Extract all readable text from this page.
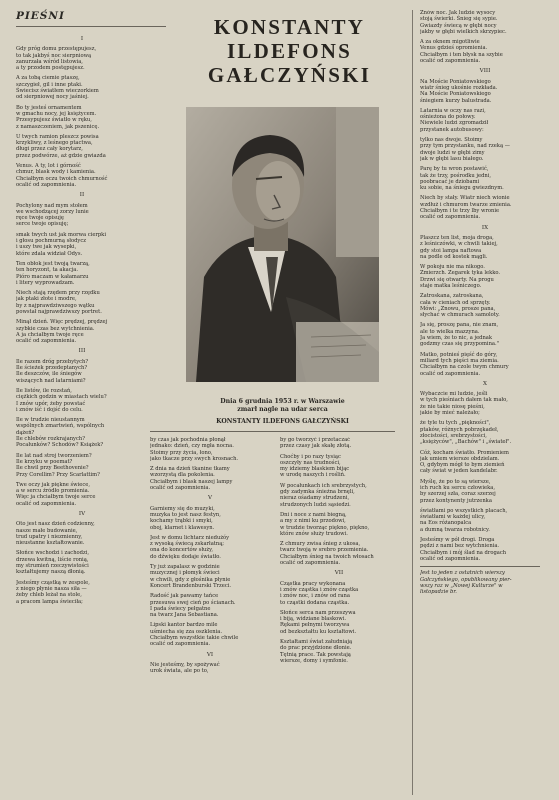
PIEŚNI	KONSTANTY
ILDEFONS
GAŁCZYŃSKI
Dnia 6 grudnia 1953 r. w Warszawie
zmarł nagle na udar serca
KONSTANTY ILDEFONS GAŁCZYŃSKI
I
Gdy próg domu przestępujesz,
to tak jakbyś noc sierpniową
zanurzała wśród listowia,
a ty przodem postępujesz.
A za tobą ciemie ptaszę,
szczygieł, gil i inne ptaki.
Świecisz światłem wieczorkiem
od sierpniowej nocy jaśniej.
Bo ty jesteś ornamentem
w gmachu nocy, jej księżycem.
Przesypujesz światło w ręku,
z namaszczeniem, jak pszenicę.
U twych ramion pleszcz powisa
krzykliwy, z leśnego ptactwa,
długi przez cały korytarz,
przez podwórze, aż gdzie gwiazda
Venus. A ty, lot i górność
chmur, blask wody i kamienia.
Chciałbym oczu twoich chmurność
ocalić od zapomnienia.
II
Pochylony nad mym stołem
we wschodzącej zorzy lunie
ręce twoje opisuję
serce twoje opisuję;
smak twych ust jak morwa cierpki
i głosu pochmurną słodycz
i uszy twe jak wysepki,
które zdala widział Odys.
Ten obłok jest twoją twarzą,
ten horyzont, ta akacja.
Pióro maczam w kałamarzu
i litery wyprowadzam.
Niech stają rzędem przy rzędku
jak ptaki złote i modre,
by z najprawdziwszego wątku
powstał najprawdziwszy portret.
Minął dzień. Więc prędzej, prędzej
szybkie czas bez wytchnienia.
A ja chciałbym twoje ręce
ocalić od zapomnienia.
III
Ile razem dróg przebytych?
Ile ścieżek przedeptanych?
Ile deszczów, ile śniegów
wiszących nad latarniami?
Ile listów, ile rozstań,
ciężkich godzin w miastach wielu?
I znów upór, żeby powstać
i znów iść i dojść do celu.
Ile w trudzie nieustannym
wspólnych zmartwień, wspólnych
dążeń?
Ile chlebów rozkrajanych?
Pocałunków? Schodów? Książek?
Ile lat nad stroj tworzeniem?
Ile krzyku w poemat?
Ile chwil przy Beethovenie?
Przy Corellim? Przy Scarlattim?
Twe oczy jak piękne świece,
a w sercu źródło promienia.
Więc ja chciałbym twoje serce
ocalić od zapomnienia.
IV
Oto jest nasz dzień codzienny,
nasze małe budowanie,
trud upatry i niezmienny,
nieustanne kształtowanie.
Słońce wschodzi i zachodzi,
drzewa kwitną, liście ronią,
my strumień rzeczywistości
kształtujemy naszą dłonią.
Jesteśmy cząstką w zespole,
z niego płynie nasza siła —
żeby chleb leżał na stole,
a pracom lampa świeciła;
by czas jak pochodnia płonął
jednako: dzień, czy mgła nocna.
Stoimy przy życia, łono,
jako tkacze przy swych krosnach.
Z dnia na dzień tkanine tkamy
wzorzystą dla pokolenia.
Chciałbym i blask naszej lampy
ocalić od zapomnienia.
V
Garniemy się do muzyki,
muzyka to jest nasz festyn,
kochamy trąbki i smyki,
oboj, klarnet i klawesyn.
Jest w domu lichtarz niedużóy
z wysoką świecą zskarłatną;
ona do koncertów służy,
do dźwięku dodaje światło.
Ty już zapalasz w godzinie
muzycznej i płomyk świeci
w chwili, gdy z głośnika płynie
Koncert Brandenburski Trzeci.
Radość jak pawamy tańce
przesuwa swej cień po ścianach.
I pada świecy pełgatne
na twarz Jana Sebastiana.
Lipski kantor bardzo mile
uśmiecha się zza oszklenia.
Chciałbym wszystkie takie chwile
ocalić od zapomnienia.
VI
Nie jesteśmy, by spożywać
urok świata, ale po to,
by go tworzyć i przetaczać
przez czasy jak skałę złotą.
Choćby i po razy tysiąc
oszczyły nas trudności,
my idziemy blaskiem bijąc
w urodę naszych i rośliń.
W pocałunkach ich srebrzystych,
gdy zadymka śnieżna brnęli,
nieraz ośadamy strudzeni,
strudzonych ludzi sąsiedzi.
Dni i noce z nami biegną,
a my z nimi ku przodowi,
w trudzie tworząc piękno, piękno,
które znów służy trudowi.
Z chmury zwisa śnieg z ukosa,
twarz twoją w srebro przemienia.
Chciałbym śnieg na twoich włosach
ocalić od zapomnienia.
VII
Cząstka pracy wykonana
i znów cząstka i znów cząstka
i znów noc, i znów od rana
to cząstki dodana cząstka.
Słońce serca nam przeszywa
i biją, widziane blaskowi.
Rękami pełnymi tworzywa
od bezkształtu ku kształtowi.
Kształtami świat załudniają
do prac przyjdzione dłonie.
Tętnią prace. Tak powstają
wiersze, domy i symfonie.
Znów noc. Jak ludzie wysocy
stoją świerki. Śnieg się sypie.
Gwiazdy świecą w głębi nocy
jakby w głębi wielkich skrzypiec.
A za oknem migotliwie
Venus gdzieś opromienia.
Chciałbym i ten błysk na szybie
ocalić od zapomnienia.
VIII
Na Moście Poniatowskiego
wiatr śnieg ukośnie rozkłada.
Na Moście Poniatowskiego
śniegiem kurzy balustrada.
Latarnia w oczy nas razi,
ośnieżona do połowy.
Niewiele ludzi zgromadził
przystanek autobusowy:
tylko nas dwoje. Stoimy
przy tym przystanku, nad rzeką —
dwoje ludzi w głębi zimy
jak w głębi lasu białego.
Parę by tu wron postawić,
tak że trzy, pośrodku jedni,
poobracać je dziobami
ku sobie, na śniegu gwiezdnym.
Niech by stały. Wiatr niech wionie
wzdłuż i chmurom twarze zmienia.
Chciałbym i te trzy lby wronie
ocalić od zapomnienia.
IX
Plaszcz ten list, moja droga,
z leśniczówki, w chwili takiej,
gdy stoi lampa naftowa
na podle od kostek mągli.
W pokoju nie ma nikogo.
Zmierzch. Zegarek tyka lekko.
Drzwi się otwarty. Na progu
staje matka leśniczego.
Zatroskana, zatroskana,
cała w cieniach od sprzęty.
Mówi: „Znowu, prosze pana,
słychać w chmurach samoloty.
Ja się, proszę pana, nie znam,
ale to wielka mazzyna.
Ja wiem, że to nic, a jednak
godzmy czas się przypomina."
Matko, potnieś pięść do góry,
miliard tych pięści ma ziemia.
Chciałbym na czole twym chmury
ocalić od zapomnienia.
X
Wybaczcie mi ludzie, jeśli
w tych pieśniach dałem tak mało,
że nie takie niosę pieśni,
jakie by mieć należało;
że tyle tu tych „piękności",
ptaków, różnych pobrzękadeł,
złocistości, srebrzystości,
„księżyców", „Bachów" i „świateł".
Cóż, kocham światło. Promieniem
jak umiem wiersze obdzielam.
O, gdybym mógł to bym ziemień
cały świat w jeden kandelabr.
Myślę, że po to są wiersze,
ich ruch ku sercu człowieka,
by szerzej szła, coraz szerzej
przez kontynenty jutrzenka
światłami po wszystkich placach,
światłami w każdej ulicy,
na Eos różanopalca
a dumną twarza robotnicy.
Jesteśmy w pół drogi. Droga
pędzi z nami bez wytchnienia.
Chciałbym i mój ślad na drogach
ocalić od zapomnienia.
Jest to jeden z ostatnich wierszy
Gałczyńskiego, opublikowany pier-
wszy raz w „Nowej Kulturze" w
listopadzie br.
